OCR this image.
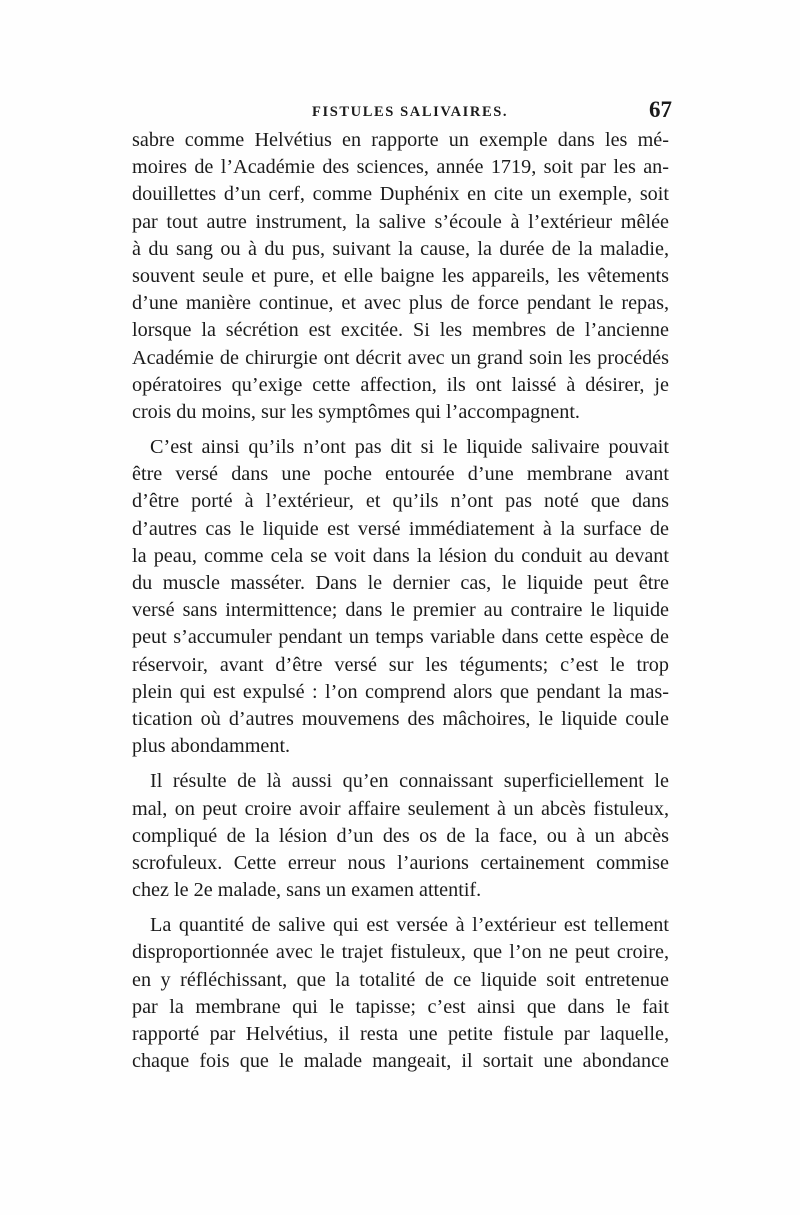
FISTULES SALIVAIRES.	67
sabre comme Helvétius en rapporte un exemple dans les mé-
moires de l’Académie des sciences, année 1719, soit par les an-
douillettes d’un cerf, comme Duphénix en cite un exemple, soit
par tout autre instrument, la salive s’écoule à l’extérieur mêlée
à du sang ou à du pus, suivant la cause, la durée de la maladie,
souvent seule et pure, et elle baigne les appareils, les vêtements
d’une manière continue, et avec plus de force pendant le repas,
lorsque la sécrétion est excitée. Si les membres de l’ancienne
Académie de chirurgie ont décrit avec un grand soin les procédés
opératoires qu’exige cette affection, ils ont laissé à désirer, je
crois du moins, sur les symptômes qui l’accompagnent.
C’est ainsi qu’ils n’ont pas dit si le liquide salivaire pouvait
être versé dans une poche entourée d’une membrane avant
d’être porté à l’extérieur, et qu’ils n’ont pas noté que dans
d’autres cas le liquide est versé immédiatement à la surface de
la peau, comme cela se voit dans la lésion du conduit au devant
du muscle masséter. Dans le dernier cas, le liquide peut être
versé sans intermittence; dans le premier au contraire le liquide
peut s’accumuler pendant un temps variable dans cette espèce de
réservoir, avant d’être versé sur les téguments; c’est le trop
plein qui est expulsé : l’on comprend alors que pendant la mas-
tication où d’autres mouvemens des mâchoires, le liquide coule
plus abondamment.
Il résulte de là aussi qu’en connaissant superficiellement le
mal, on peut croire avoir affaire seulement à un abcès fistuleux,
compliqué de la lésion d’un des os de la face, ou à un abcès
scrofuleux. Cette erreur nous l’aurions certainement commise
chez le 2e malade, sans un examen attentif.
La quantité de salive qui est versée à l’extérieur est tellement
disproportionnée avec le trajet fistuleux, que l’on ne peut croire,
en y réfléchissant, que la totalité de ce liquide soit entretenue
par la membrane qui le tapisse; c’est ainsi que dans le fait
rapporté par Helvétius, il resta une petite fistule par laquelle,
chaque fois que le malade mangeait, il sortait une abondance
